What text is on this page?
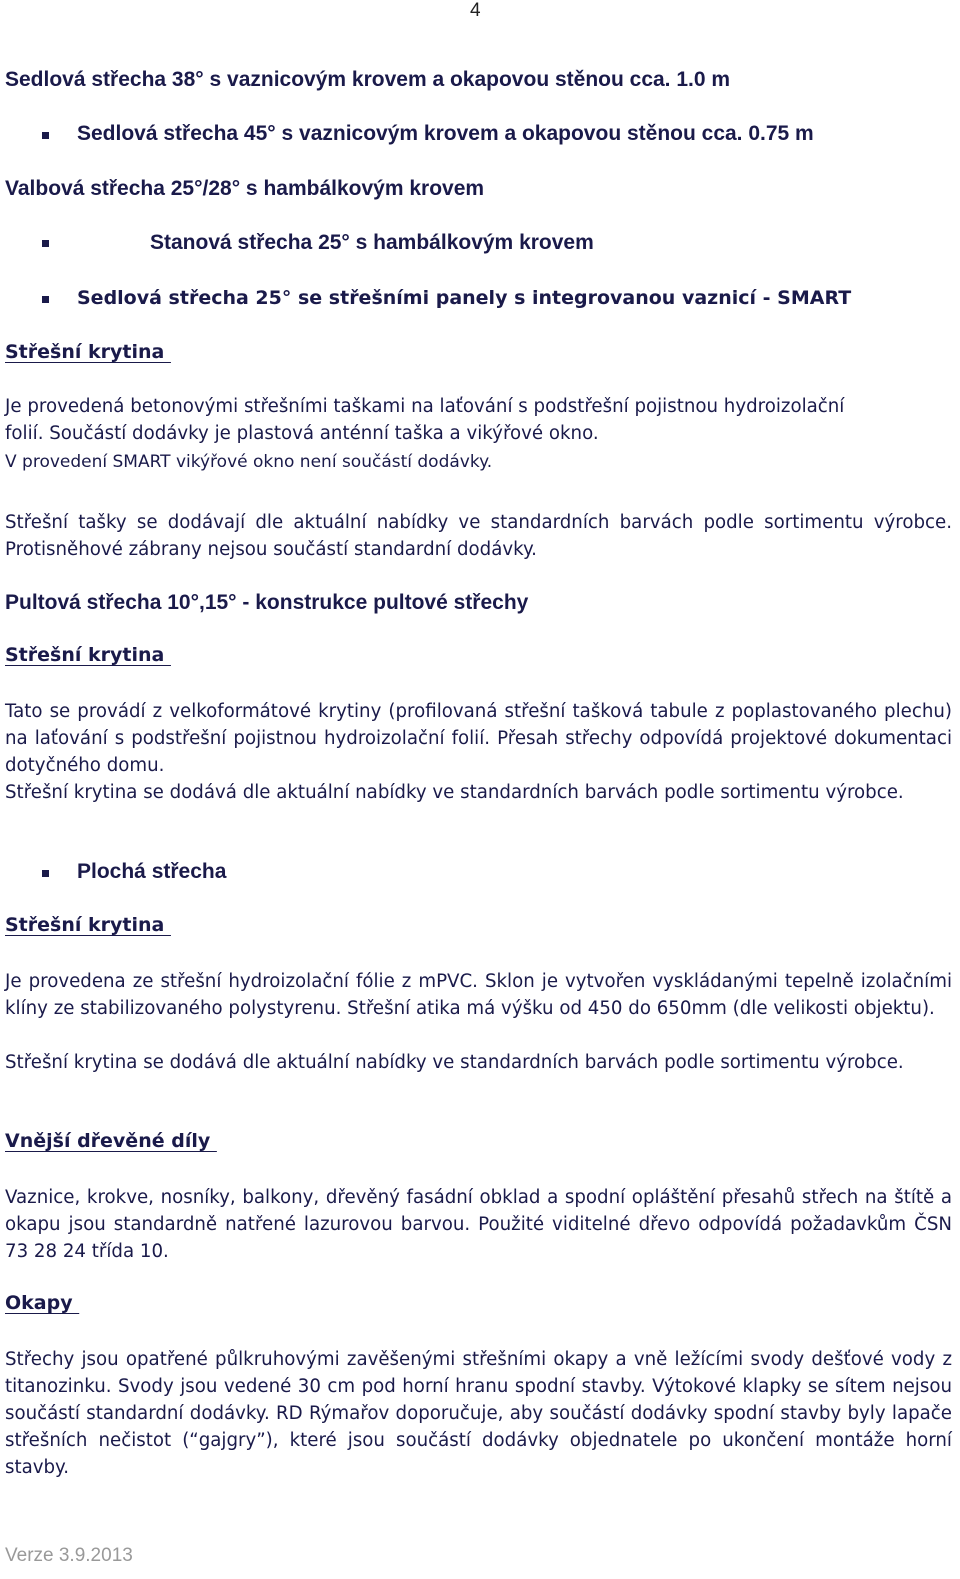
4
Sedlová střecha 38° s vaznicovým krovem a okapovou stěnou cca. 1.0 m
Sedlová střecha 45° s vaznicovým krovem a okapovou stěnou cca. 0.75 m
Valbová střecha 25°/28° s hambálkovým krovem
Stanová střecha 25° s hambálkovým krovem
Sedlová střecha 25° se střešními panely s integrovanou vaznicí - SMART
Střešní krytina
Je provedená betonovými střešními taškami na laťování s podstřešní pojistnou hydroizolační
folií. Součástí dodávky je plastová anténní taška a vikýřové okno.
V provedení SMART vikýřové okno není součástí dodávky.
Střešní tašky se dodávají dle aktuální nabídky ve standardních barvách podle sortimentu výrobce. Protisněhové zábrany nejsou součástí standardní dodávky.
Pultová střecha 10°,15° - konstrukce pultové střechy
Střešní krytina
Tato se provádí z velkoformátové krytiny (profilovaná střešní tašková tabule z poplastovaného plechu) na laťování s podstřešní pojistnou hydroizolační folií. Přesah střechy odpovídá projektové dokumentaci dotyčného domu.
Střešní krytina se dodává dle aktuální nabídky ve standardních barvách podle sortimentu výrobce.
Plochá střecha
Střešní krytina
Je provedena ze střešní hydroizolační fólie z mPVC. Sklon je vytvořen vyskládanými tepelně izolačními klíny ze stabilizovaného polystyrenu. Střešní atika má výšku od 450 do 650mm (dle velikosti objektu).
Střešní krytina se dodává dle aktuální nabídky ve standardních barvách podle sortimentu výrobce.
Vnější dřevěné díly
Vaznice, krokve, nosníky, balkony, dřevěný fasádní obklad a spodní opláštění přesahů střech na štítě a okapu jsou standardně natřené lazurovou barvou. Použité viditelné dřevo odpovídá požadavkům ČSN 73 28 24 třída 10.
Okapy
Střechy jsou opatřené půlkruhovými zavěšenými střešními okapy a vně ležícími svody dešťové vody z titanozinku. Svody jsou vedené 30 cm pod horní hranu spodní stavby. Výtokové klapky se sítem nejsou součástí standardní dodávky. RD Rýmařov doporučuje, aby součástí dodávky spodní stavby byly lapače střešních nečistot (“gajgry”), které jsou součástí dodávky objednatele po ukončení montáže horní stavby.
Verze 3.9.2013
